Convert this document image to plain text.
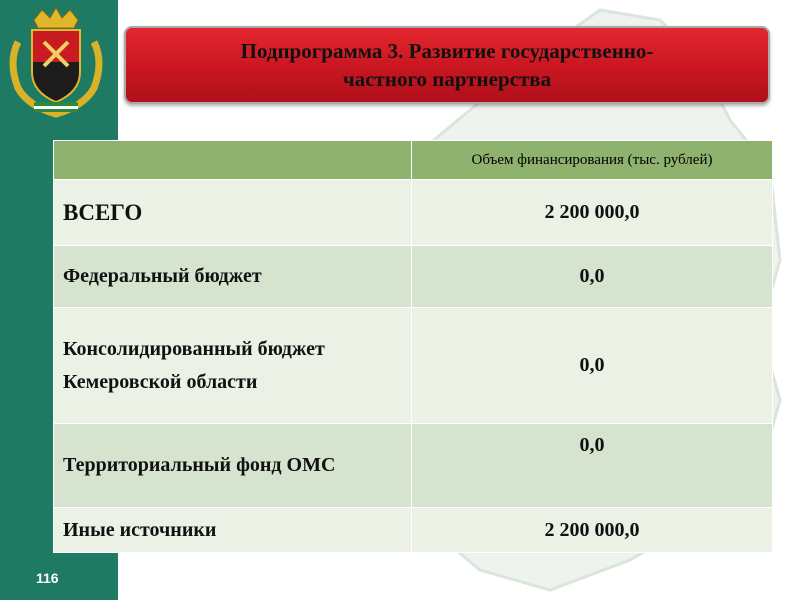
Подпрограмма 3. Развитие государственно-
частного партнерства
	Объем финансирования (тыс. рублей)
ВСЕГО	2 200 000,0
Федеральный бюджет	0,0
Консолидированный бюджет Кемеровской области	0,0
Территориальный фонд ОМС	0,0
Иные источники	2 200 000,0
116
